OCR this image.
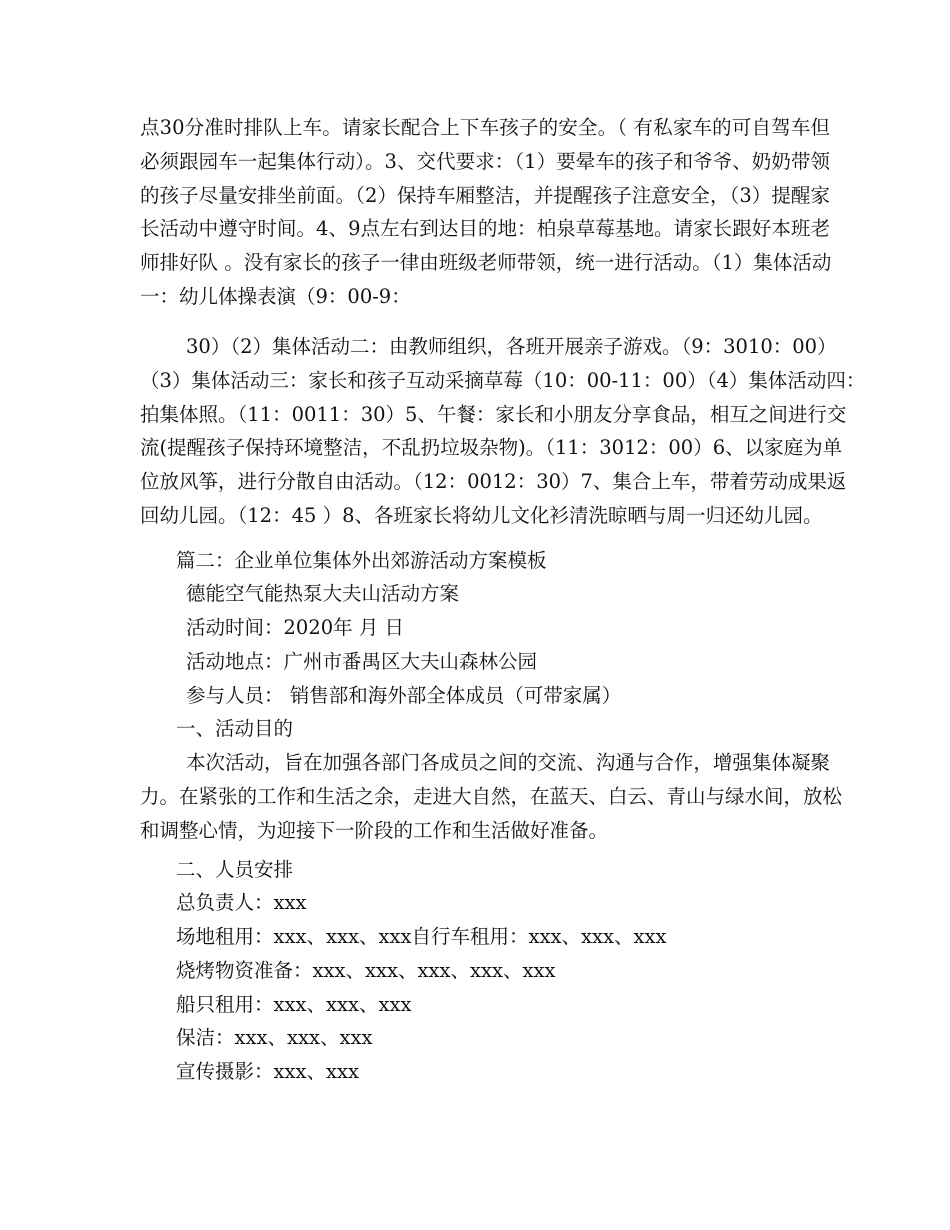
点30分准时排队上车。请家长配合上下车孩子的安全。（ 有私家车的可自驾车但
必须跟园车一起集体行动）。3、交代要求：（1）要晕车的孩子和爷爷、奶奶带领
的孩子尽量安排坐前面。（2）保持车厢整洁，并提醒孩子注意安全，（3）提醒家
长活动中遵守时间。4、9点左右到达目的地：柏泉草莓基地。请家长跟好本班老
师排好队 。没有家长的孩子一律由班级老师带领，统一进行活动。（1）集体活动
一：幼儿体操表演（9：00-9：
30）（2）集体活动二：由教师组织，各班开展亲子游戏。（9：3010：00）
（3）集体活动三：家长和孩子互动采摘草莓（10：00-11：00）（4）集体活动四：
拍集体照。（11：0011：30）5、午餐：家长和小朋友分享食品，相互之间进行交
流(提醒孩子保持环境整洁，不乱扔垃圾杂物)。（11：3012：00）6、以家庭为单
位放风筝，进行分散自由活动。（12：0012：30）7、集合上车，带着劳动成果返
回幼儿园。（12：45 ）8、各班家长将幼儿文化衫清洗晾晒与周一归还幼儿园。

篇二：企业单位集体外出郊游活动方案模板

德能空气能热泵大夫山活动方案

活动时间：2020年 月 日

活动地点：广州市番禺区大夫山森林公园

参与人员： 销售部和海外部全体成员（可带家属）

一、活动目的

本次活动，旨在加强各部门各成员之间的交流、沟通与合作，增强集体凝聚
力。在紧张的工作和生活之余，走进大自然，在蓝天、白云、青山与绿水间，放松
和调整心情，为迎接下一阶段的工作和生活做好准备。

二、人员安排

总负责人：xxx

场地租用：xxx、xxx、xxx自行车租用：xxx、xxx、xxx

烧烤物资准备：xxx、xxx、xxx、xxx、xxx

船只租用：xxx、xxx、xxx

保洁：xxx、xxx、xxx

宣传摄影：xxx、xxx
